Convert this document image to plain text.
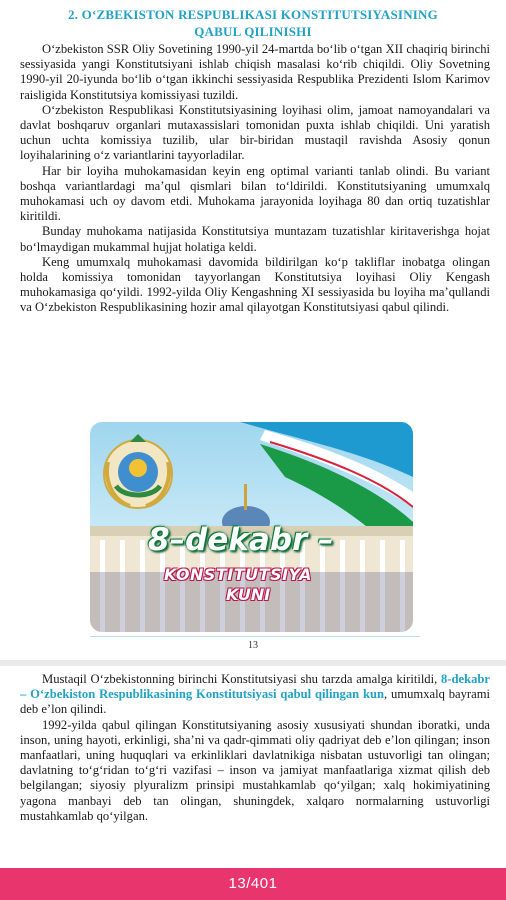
2. O‘ZBEKISTON RESPUBLIKASI KONSTITUTSIYASINING
QABUL QILINISHI

O‘zbekiston SSR Oliy Sovetining 1990-yil 24-martda bo‘lib o‘tgan XII chaqiriq birinchi sessiyasida yangi Konstitutsiyani ishlab chiqish masalasi ko‘rib chiqildi. Oliy Sovetning 1990-yil 20-iyunda bo‘lib o‘tgan ikkinchi sessiyasida Respublika Prezidenti Islom Karimov raisligida Konstitutsiya komissiyasi tuzildi.

O‘zbekiston Respublikasi Konstitutsiyasining loyihasi olim, jamoat namoyandalari va davlat boshqaruv organlari mutaxassislari tomonidan puxta ishlab chiqildi. Uni yaratish uchun uchta komissiya tuzilib, ular bir-biridan mustaqil ravishda Asosiy qonun loyihalarining o‘z variantlarini tayyorladilar.

Har bir loyiha muhokamasidan keyin eng optimal varianti tanlab olindi. Bu variant boshqa variantlardagi ma’qul qismlari bilan to‘ldirildi. Konstitutsiyaning umumxalq muhokamasi uch oy davom etdi. Muhokama jarayonida loyihaga 80 dan ortiq tuzatishlar kiritildi.

Bunday muhokama natijasida Konstitutsiya muntazam tuzatishlar kiritaverishga hojat bo‘lmaydigan mukammal hujjat holatiga keldi.

Keng umumxalq muhokamasi davomida bildirilgan ko‘p takliflar inobatga olingan holda komissiya tomonidan tayyorlangan Konstitutsiya loyihasi Oliy Kengash muhokamasiga qo‘yildi. 1992-yilda Oliy Kengashning XI sessiyasida bu loyiha ma’qullandi va O‘zbekiston Respublikasining hozir amal qilayotgan Konstitutsiyasi qabul qilindi.

8–dekabr –
KONSTITUTSIYA
KUNI
13

Mustaqil O‘zbekistonning birinchi Konstitutsiyasi shu tarzda amalga kiritildi, 8-dekabr – O‘zbekiston Respublikasining Konstitutsiyasi qabul qilingan kun, umumxalq bayrami deb e’lon qilindi.

1992-yilda qabul qilingan Konstitutsiyaning asosiy xususiyati shundan iboratki, unda inson, uning hayoti, erkinligi, sha’ni va qadr-qimmati oliy qadriyat deb e’lon qilingan; inson manfaatlari, uning huquqlari va erkinliklari davlatnikiga nisbatan ustuvorligi tan olingan; davlatning to‘g‘ridan to‘g‘ri vazifasi – inson va jamiyat manfaatlariga xizmat qilish deb belgilangan; siyosiy plyuralizm prinsipi mustahkamlab qo‘yilgan; xalq hokimiyatining yagona manbayi deb tan olingan, shuningdek, xalqaro normalarning ustuvorligi mustahkamlab qo‘yilgan.

13/401
